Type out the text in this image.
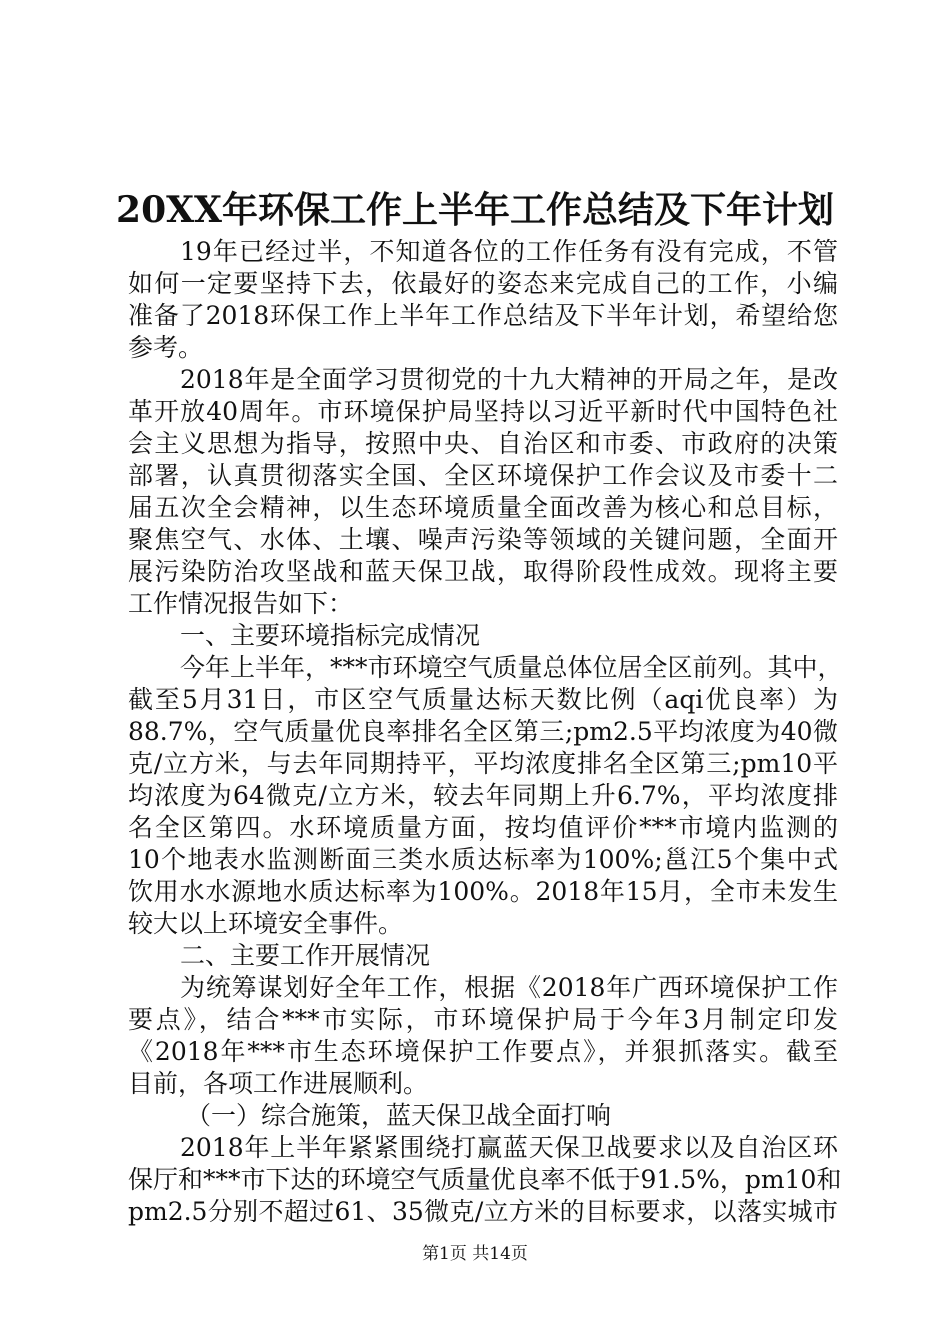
20XX年环保工作上半年工作总结及下年计划
19年已经过半，不知道各位的工作任务有没有完成，不管
如何一定要坚持下去，依最好的姿态来完成自己的工作，小编
准备了2018环保工作上半年工作总结及下半年计划，希望给您
参考。
2018年是全面学习贯彻党的十九大精神的开局之年，是改
革开放40周年。市环境保护局坚持以习近平新时代中国特色社
会主义思想为指导，按照中央、自治区和市委、市政府的决策
部署，认真贯彻落实全国、全区环境保护工作会议及市委十二
届五次全会精神，以生态环境质量全面改善为核心和总目标，
聚焦空气、水体、土壤、噪声污染等领域的关键问题，全面开
展污染防治攻坚战和蓝天保卫战，取得阶段性成效。现将主要
工作情况报告如下：
一、主要环境指标完成情况
今年上半年，***市环境空气质量总体位居全区前列。其中，
截至5月31日，市区空气质量达标天数比例（aqi优良率）为
88.7%，空气质量优良率排名全区第三;pm2.5平均浓度为40微
克/立方米，与去年同期持平，平均浓度排名全区第三;pm10平
均浓度为64微克/立方米，较去年同期上升6.7%，平均浓度排
名全区第四。水环境质量方面，按均值评价***市境内监测的
10个地表水监测断面三类水质达标率为100%;邕江5个集中式
饮用水水源地水质达标率为100%。2018年15月，全市未发生
较大以上环境安全事件。
二、主要工作开展情况
为统筹谋划好全年工作，根据《2018年广西环境保护工作
要点》，结合***市实际，市环境保护局于今年3月制定印发
《2018年***市生态环境保护工作要点》，并狠抓落实。截至
目前，各项工作进展顺利。
（一）综合施策，蓝天保卫战全面打响
2018年上半年紧紧围绕打赢蓝天保卫战要求以及自治区环
保厅和***市下达的环境空气质量优良率不低于91.5%，pm10和
pm2.5分别不超过61、35微克/立方米的目标要求，以落实城市
第1页 共14页
